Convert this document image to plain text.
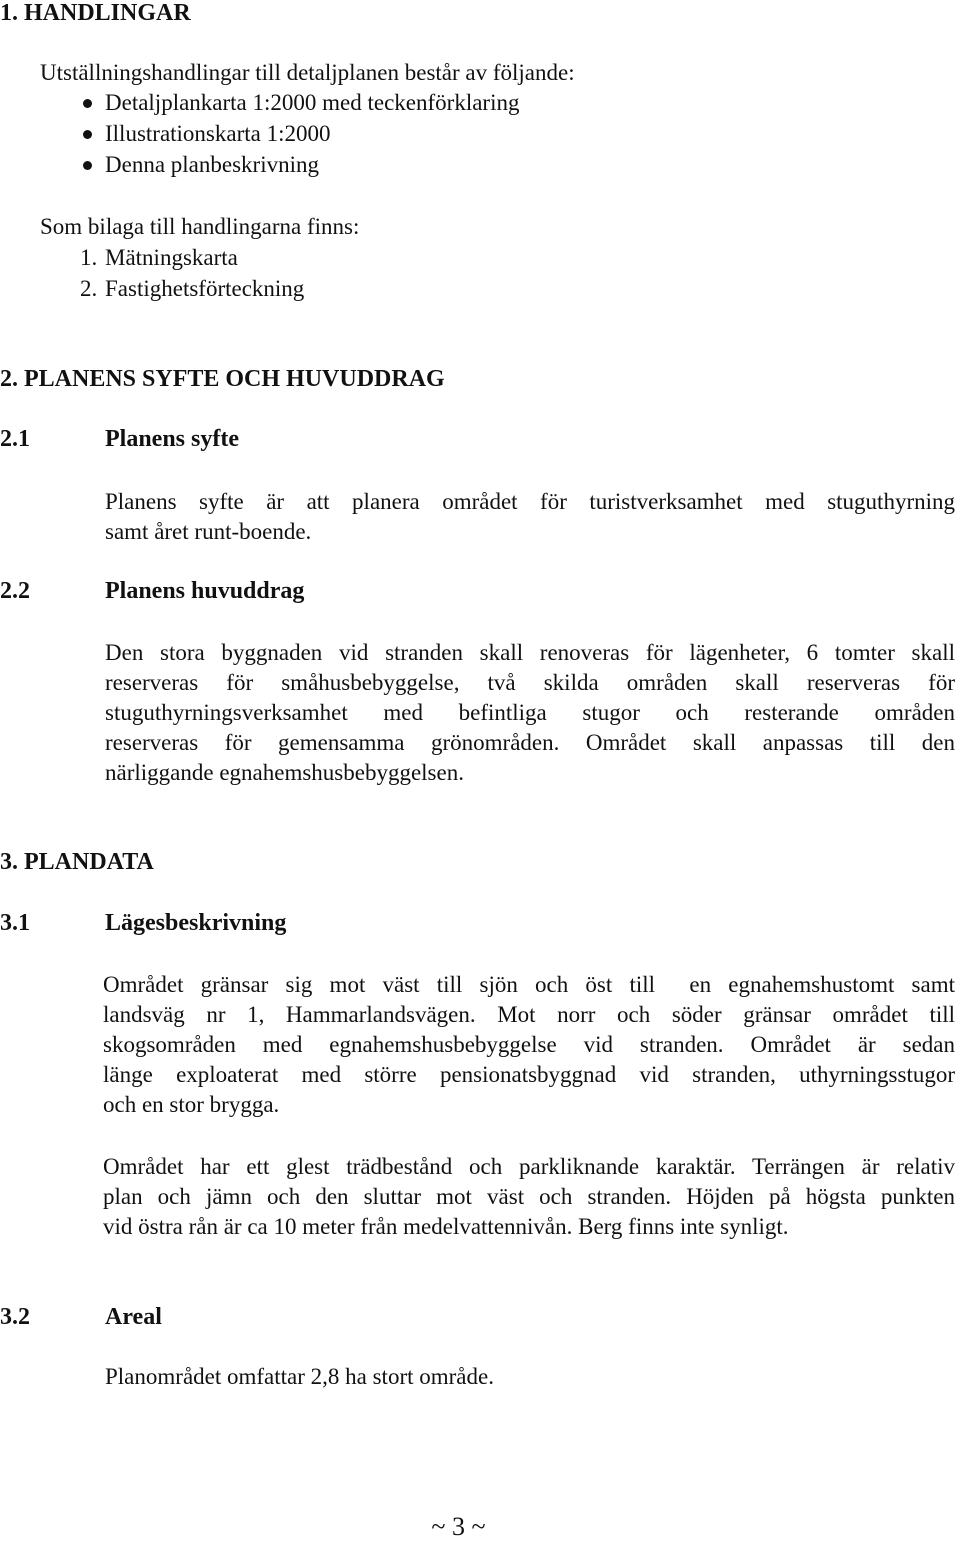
1. HANDLINGAR
Utställningshandlingar till detaljplanen består av följande:
Detaljplankarta 1:2000 med teckenförklaring
Illustrationskarta 1:2000
Denna planbeskrivning
Som bilaga till handlingarna finns:
1. Mätningskarta
2. Fastighetsförteckning
2. PLANENS SYFTE OCH HUVUDDRAG
2.1	Planens syfte
Planens syfte är att planera området för turistverksamhet med stuguthyrning
samt året runt-boende.
2.2	Planens huvuddrag
Den stora byggnaden vid stranden skall renoveras för lägenheter, 6 tomter skall
reserveras för småhusbebyggelse, två skilda områden skall reserveras för
stuguthyrningsverksamhet med befintliga stugor och resterande områden
reserveras för gemensamma grönområden. Området skall anpassas till den
närliggande egnahemshusbebyggelsen.
3. PLANDATA
3.1	Lägesbeskrivning
Området gränsar sig mot väst till sjön och öst till  en egnahemshustomt samt
landsväg nr 1, Hammarlandsvägen. Mot norr och söder gränsar området till
skogsområden med egnahemshusbebyggelse vid stranden. Området är sedan
länge exploaterat med större pensionatsbyggnad vid stranden, uthyrningsstugor
och en stor brygga.
Området har ett glest trädbestånd och parkliknande karaktär. Terrängen är relativ
plan och jämn och den sluttar mot väst och stranden. Höjden på högsta punkten
vid östra rån är ca 10 meter från medelvattennivån. Berg finns inte synligt.
3.2	Areal
Planområdet omfattar 2,8 ha stort område.
~ 3 ~
